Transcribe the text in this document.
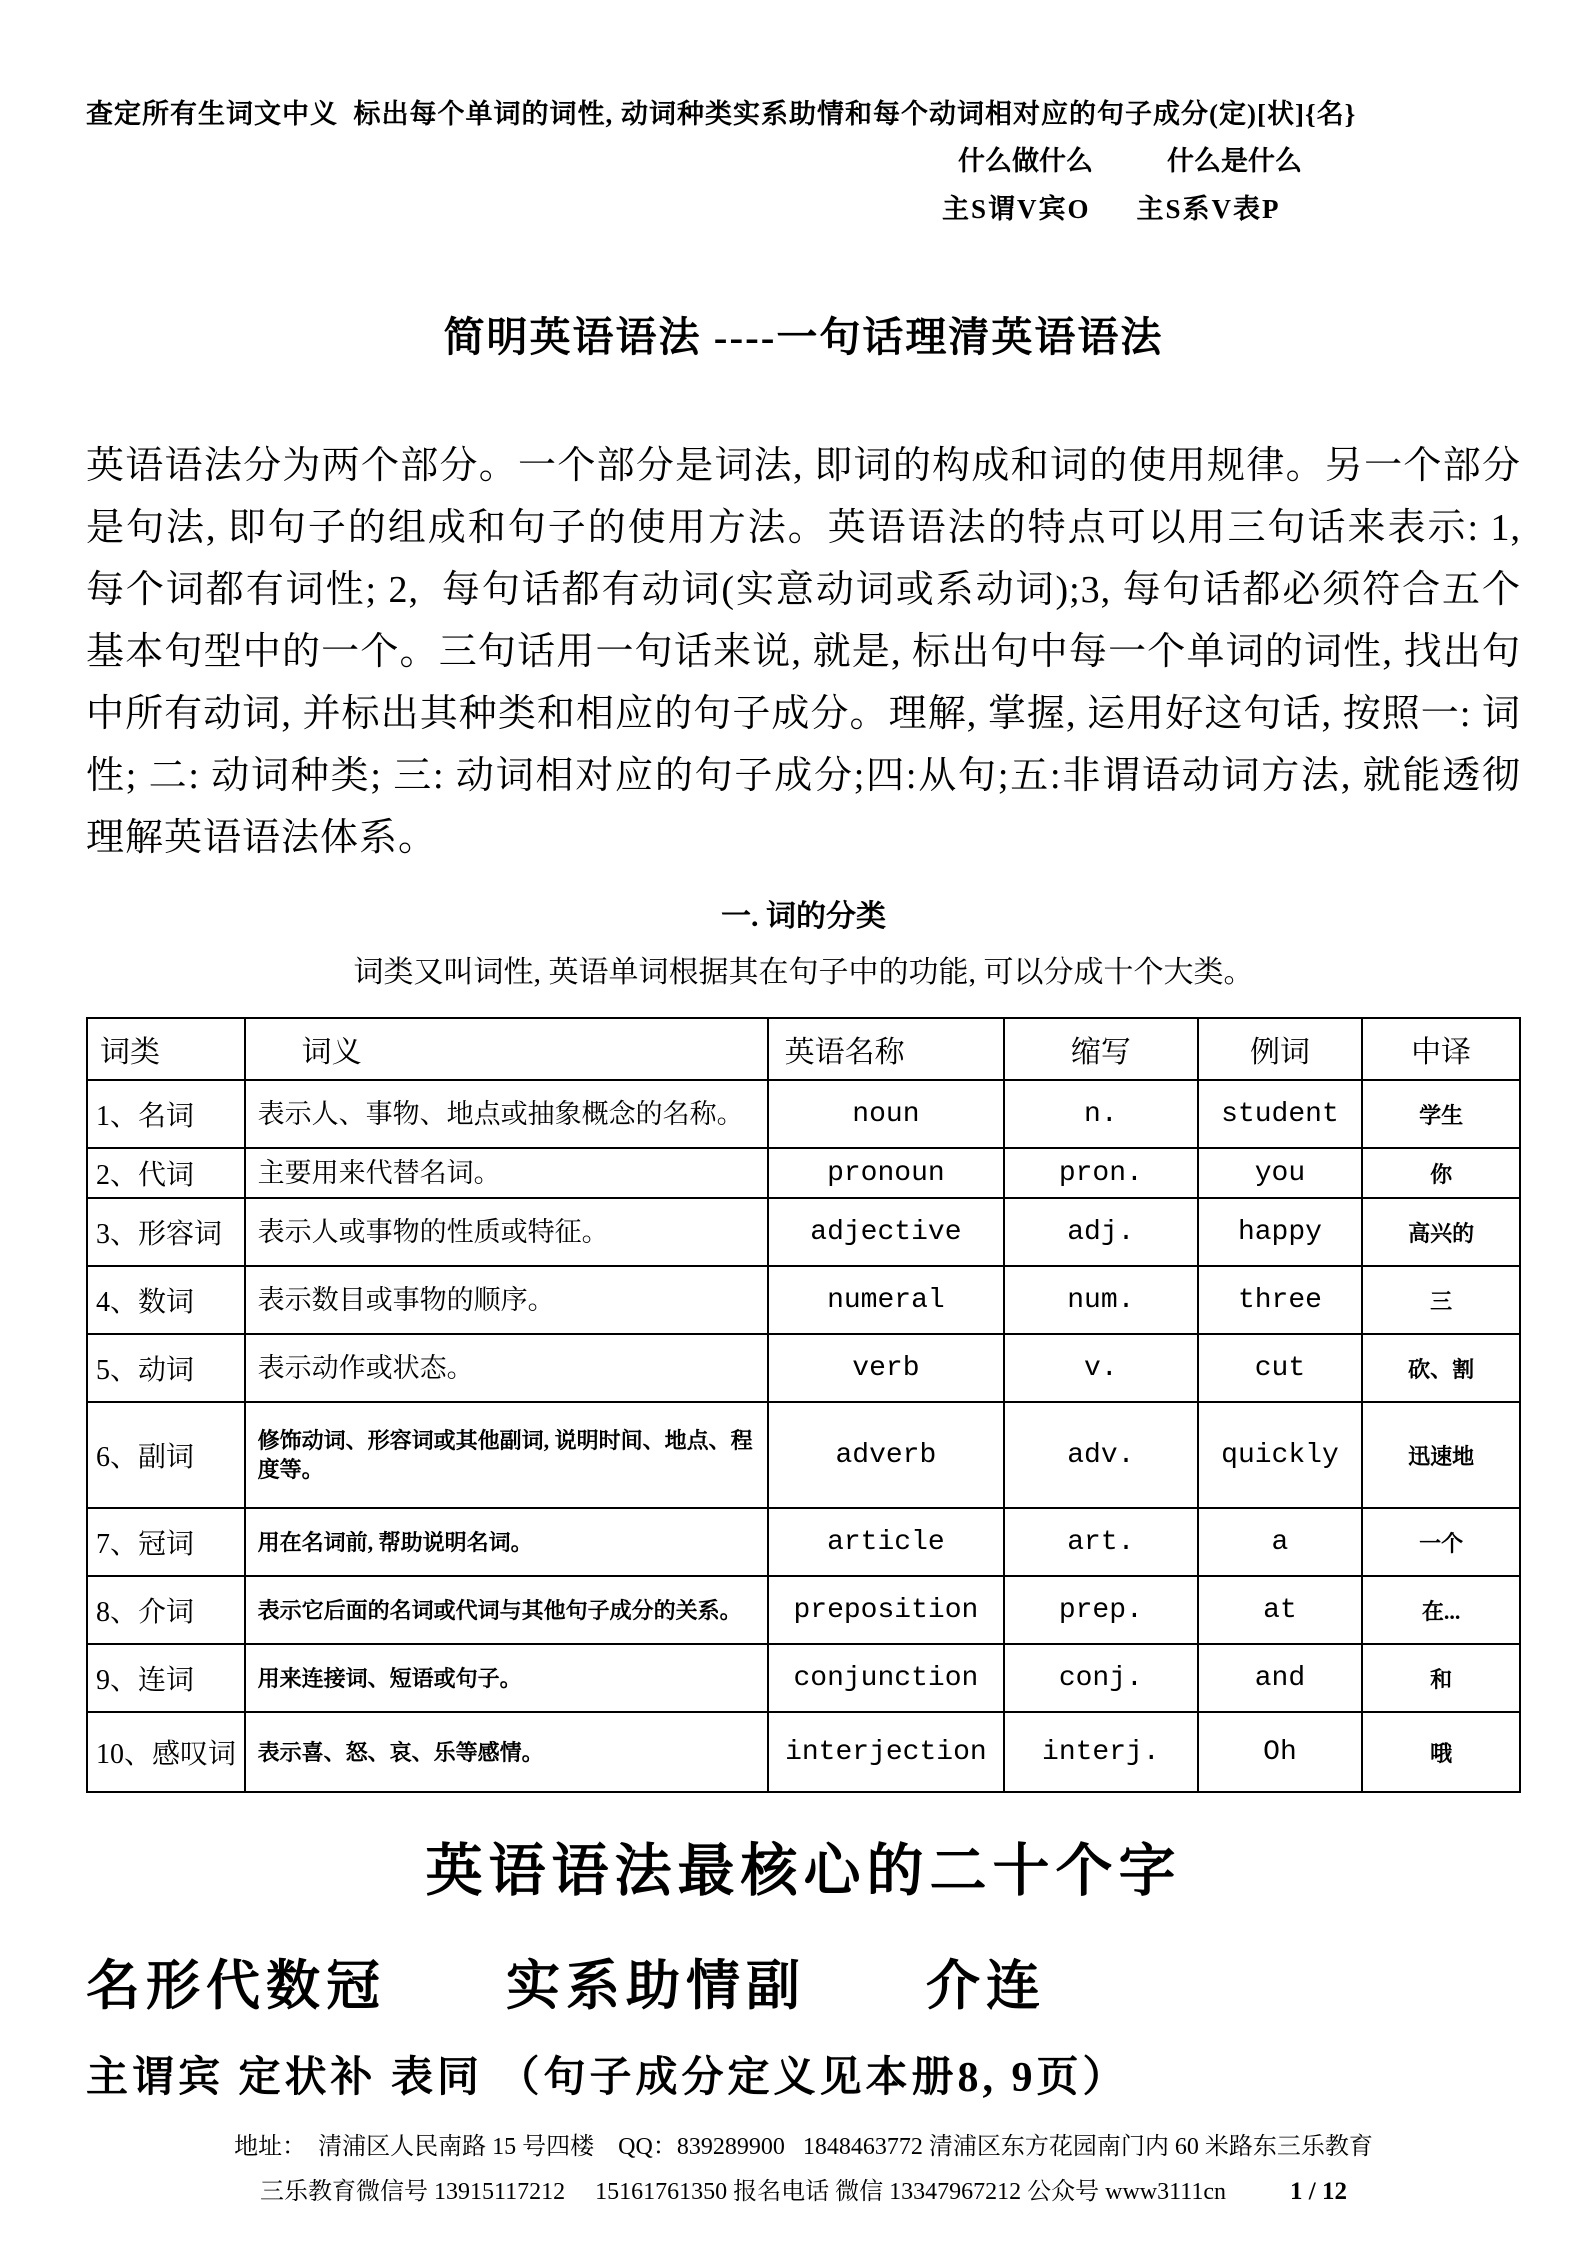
查定所有生词文中义  标出每个单词的词性, 动词种类实系助情和每个动词相对应的句子成分(定)[状]{名}
什么做什么	什么是什么
主S谓V宾O 主S系V表P
简明英语语法 ----一句话理清英语语法
英语语法分为两个部分。一个部分是词法, 即词的构成和词的使用规律。另一个部分是句法, 即句子的组成和句子的使用方法。英语语法的特点可以用三句话来表示: 1,  每个词都有词性; 2,  每句话都有动词(实意动词或系动词);3, 每句话都必须符合五个基本句型中的一个。三句话用一句话来说, 就是, 标出句中每一个单词的词性, 找出句中所有动词, 并标出其种类和相应的句子成分。理解, 掌握, 运用好这句话, 按照一: 词性; 二: 动词种类; 三: 动词相对应的句子成分;四:从句;五:非谓语动词方法, 就能透彻理解英语语法体系。
一. 词的分类
词类又叫词性, 英语单词根据其在句子中的功能, 可以分成十个大类。
词类	词义	英语名称	缩写	例词	中译
1、名词	表示人、事物、地点或抽象概念的名称。	noun	n.	student	学生
2、代词	主要用来代替名词。	pronoun	pron.	you	你
3、形容词	表示人或事物的性质或特征。	adjective	adj.	happy	高兴的
4、数词	表示数目或事物的顺序。	numeral	num.	three	三
5、动词	表示动作或状态。	verb	v.	cut	砍、割
6、副词	修饰动词、形容词或其他副词, 说明时间、地点、程度等。	adverb	adv.	quickly	迅速地
7、冠词	用在名词前, 帮助说明名词。	article	art.	a	一个
8、介词	表示它后面的名词或代词与其他句子成分的关系。	preposition	prep.	at	在...
9、连词	用来连接词、短语或句子。	conjunction	conj.	and	和
10、感叹词	表示喜、怒、哀、乐等感情。	interjection	interj.	Oh	哦
英语语法最核心的二十个字
名形代数冠　　实系助情副　　介连
主谓宾 定状补 表同 （句子成分定义见本册8, 9页）
地址：  清浦区人民南路 15 号四楼    QQ：839289900   1848463772 清浦区东方花园南门内 60 米路东三乐教育
三乐教育微信号 13915117212     15161761350 报名电话 微信 13347967212 公众号 www3111cn	1 / 12
